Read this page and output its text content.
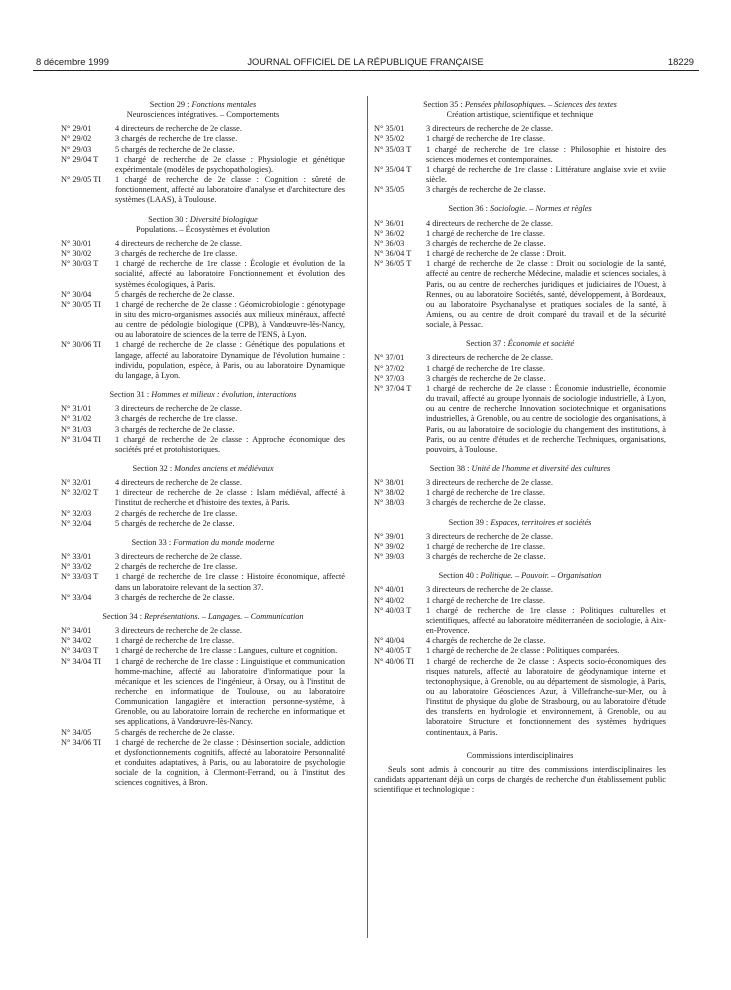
8 décembre 1999	JOURNAL OFFICIEL DE LA RÉPUBLIQUE FRANÇAISE	18229

Section 29 : Fonctions mentales

Neurosciences intégratives. – Comportements

N° 29/01	4 directeurs de recherche de 2e classe.
N° 29/02	3 chargés de recherche de 1re classe.
N° 29/03	5 chargés de recherche de 2e classe.
N° 29/04 T	1 chargé de recherche de 2e classe : Physiologie et génétique expérimentale (modèles de psychopathologies).
N° 29/05 TI	1 chargé de recherche de 2e classe : Cognition : sûreté de fonctionnement, affecté au laboratoire d'analyse et d'architecture des systèmes (LAAS), à Toulouse.

Section 30 : Diversité biologique

Populations. – Écosystèmes et évolution

N° 30/01	4 directeurs de recherche de 2e classe.
N° 30/02	3 chargés de recherche de 1re classe.
N° 30/03 T	1 chargé de recherche de 1re classe : Écologie et évolution de la socialité, affecté au laboratoire Fonctionnement et évolution des systèmes écologiques, à Paris.
N° 30/04	5 chargés de recherche de 2e classe.
N° 30/05 TI	1 chargé de recherche de 2e classe : Géomicrobiologie : génotypage in situ des micro-organismes associés aux milieux minéraux, affecté au centre de pédologie biologique (CPB), à Vandœuvre-lès-Nancy, ou au laboratoire de sciences de la terre de l'ENS, à Lyon.
N° 30/06 TI	1 chargé de recherche de 2e classe : Génétique des populations et langage, affecté au laboratoire Dynamique de l'évolution humaine : individu, population, espèce, à Paris, ou au laboratoire Dynamique du langage, à Lyon.

Section 31 : Hommes et milieux : évolution, interactions

N° 31/01	3 directeurs de recherche de 2e classe.
N° 31/02	3 chargés de recherche de 1re classe.
N° 31/03	3 chargés de recherche de 2e classe.
N° 31/04 TI	1 chargé de recherche de 2e classe : Approche économique des sociétés pré et protohistoriques.

Section 32 : Mondes anciens et médiévaux

N° 32/01	4 directeurs de recherche de 2e classe.
N° 32/02 T	1 directeur de recherche de 2e classe : Islam médiéval, affecté à l'institut de recherche et d'histoire des textes, à Paris.
N° 32/03	2 chargés de recherche de 1re classe.
N° 32/04	5 chargés de recherche de 2e classe.

Section 33 : Formation du monde moderne

N° 33/01	3 directeurs de recherche de 2e classe.
N° 33/02	2 chargés de recherche de 1re classe.
N° 33/03 T	1 chargé de recherche de 1re classe : Histoire économique, affecté dans un laboratoire relevant de la section 37.
N° 33/04	3 chargés de recherche de 2e classe.

Section 34 : Représentations. – Langages. – Communication

N° 34/01	3 directeurs de recherche de 2e classe.
N° 34/02	1 chargé de recherche de 1re classe.
N° 34/03 T	1 chargé de recherche de 1re classe : Langues, culture et cognition.
N° 34/04 TI	1 chargé de recherche de 1re classe : Linguistique et communication homme-machine, affecté au laboratoire d'informatique pour la mécanique et les sciences de l'ingénieur, à Orsay, ou à l'institut de recherche en informatique de Toulouse, ou au laboratoire Communication langagière et interaction personne-système, à Grenoble, ou au laboratoire lorrain de recherche en informatique et ses applications, à Vandœuvre-lès-Nancy.
N° 34/05	5 chargés de recherche de 2e classe.
N° 34/06 TI	1 chargé de recherche de 2e classe : Désinsertion sociale, addiction et dysfonctionnements cognitifs, affecté au laboratoire Personnalité et conduites adaptatives, à Paris, ou au laboratoire de psychologie sociale de la cognition, à Clermont-Ferrand, ou à l'institut des sciences cognitives, à Bron.

Section 35 : Pensées philosophiques. – Sciences des textes

Création artistique, scientifique et technique

N° 35/01	3 directeurs de recherche de 2e classe.
N° 35/02	1 chargé de recherche de 1re classe.
N° 35/03 T	1 chargé de recherche de 1re classe : Philosophie et histoire des sciences modernes et contemporaines.
N° 35/04 T	1 chargé de recherche de 1re classe : Littérature anglaise xvie et xviie siècle.
N° 35/05	3 chargés de recherche de 2e classe.

Section 36 : Sociologie. – Normes et règles

N° 36/01	4 directeurs de recherche de 2e classe.
N° 36/02	1 chargé de recherche de 1re classe.
N° 36/03	3 chargés de recherche de 2e classe.
N° 36/04 T	1 chargé de recherche de 2e classe : Droit.
N° 36/05 T	1 chargé de recherche de 2e classe : Droit ou sociologie de la santé, affecté au centre de recherche Médecine, maladie et sciences sociales, à Paris, ou au centre de recherches juridiques et judiciaires de l'Ouest, à Rennes, ou au laboratoire Sociétés, santé, développement, à Bordeaux, ou au laboratoire Psychanalyse et pratiques sociales de la santé, à Amiens, ou au centre de droit comparé du travail et de la sécurité sociale, à Pessac.

Section 37 : Économie et société

N° 37/01	3 directeurs de recherche de 2e classe.
N° 37/02	1 chargé de recherche de 1re classe.
N° 37/03	3 chargés de recherche de 2e classe.
N° 37/04 T	1 chargé de recherche de 2e classe : Économie industrielle, économie du travail, affecté au groupe lyonnais de sociologie industrielle, à Lyon, ou au centre de recherche Innovation sociotechnique et organisations industrielles, à Grenoble, ou au centre de sociologie des organisations, à Paris, ou au laboratoire de sociologie du changement des institutions, à Paris, ou au centre d'études et de recherche Techniques, organisations, pouvoirs, à Toulouse.

Section 38 : Unité de l'homme et diversité des cultures

N° 38/01	3 directeurs de recherche de 2e classe.
N° 38/02	1 chargé de recherche de 1re classe.
N° 38/03	3 chargés de recherche de 2e classe.

Section 39 : Espaces, territoires et sociétés

N° 39/01	3 directeurs de recherche de 2e classe.
N° 39/02	1 chargé de recherche de 1re classe.
N° 39/03	3 chargés de recherche de 2e classe.

Section 40 : Politique. – Pouvoir. – Organisation

N° 40/01	3 directeurs de recherche de 2e classe.
N° 40/02	1 chargé de recherche de 1re classe.
N° 40/03 T	1 chargé de recherche de 1re classe : Politiques culturelles et scientifiques, affecté au laboratoire méditerranéen de sociologie, à Aix-en-Provence.
N° 40/04	4 chargés de recherche de 2e classe.
N° 40/05 T	1 chargé de recherche de 2e classe : Politiques comparées.
N° 40/06 TI	1 chargé de recherche de 2e classe : Aspects socio-économiques des risques naturels, affecté au laboratoire de géodynamique interne et tectonophysique, à Grenoble, ou au département de sismologie, à Paris, ou au laboratoire Géosciences Azur, à Villefranche-sur-Mer, ou à l'institut de physique du globe de Strasbourg, ou au laboratoire d'étude des transferts en hydrologie et environnement, à Grenoble, ou au laboratoire Structure et fonctionnement des systèmes hydriques continentaux, à Paris.

Commissions interdisciplinaires

Seuls sont admis à concourir au titre des commissions interdisciplinaires les candidats appartenant déjà un corps de chargés de recherche d'un établissement public scientifique et technologique :
